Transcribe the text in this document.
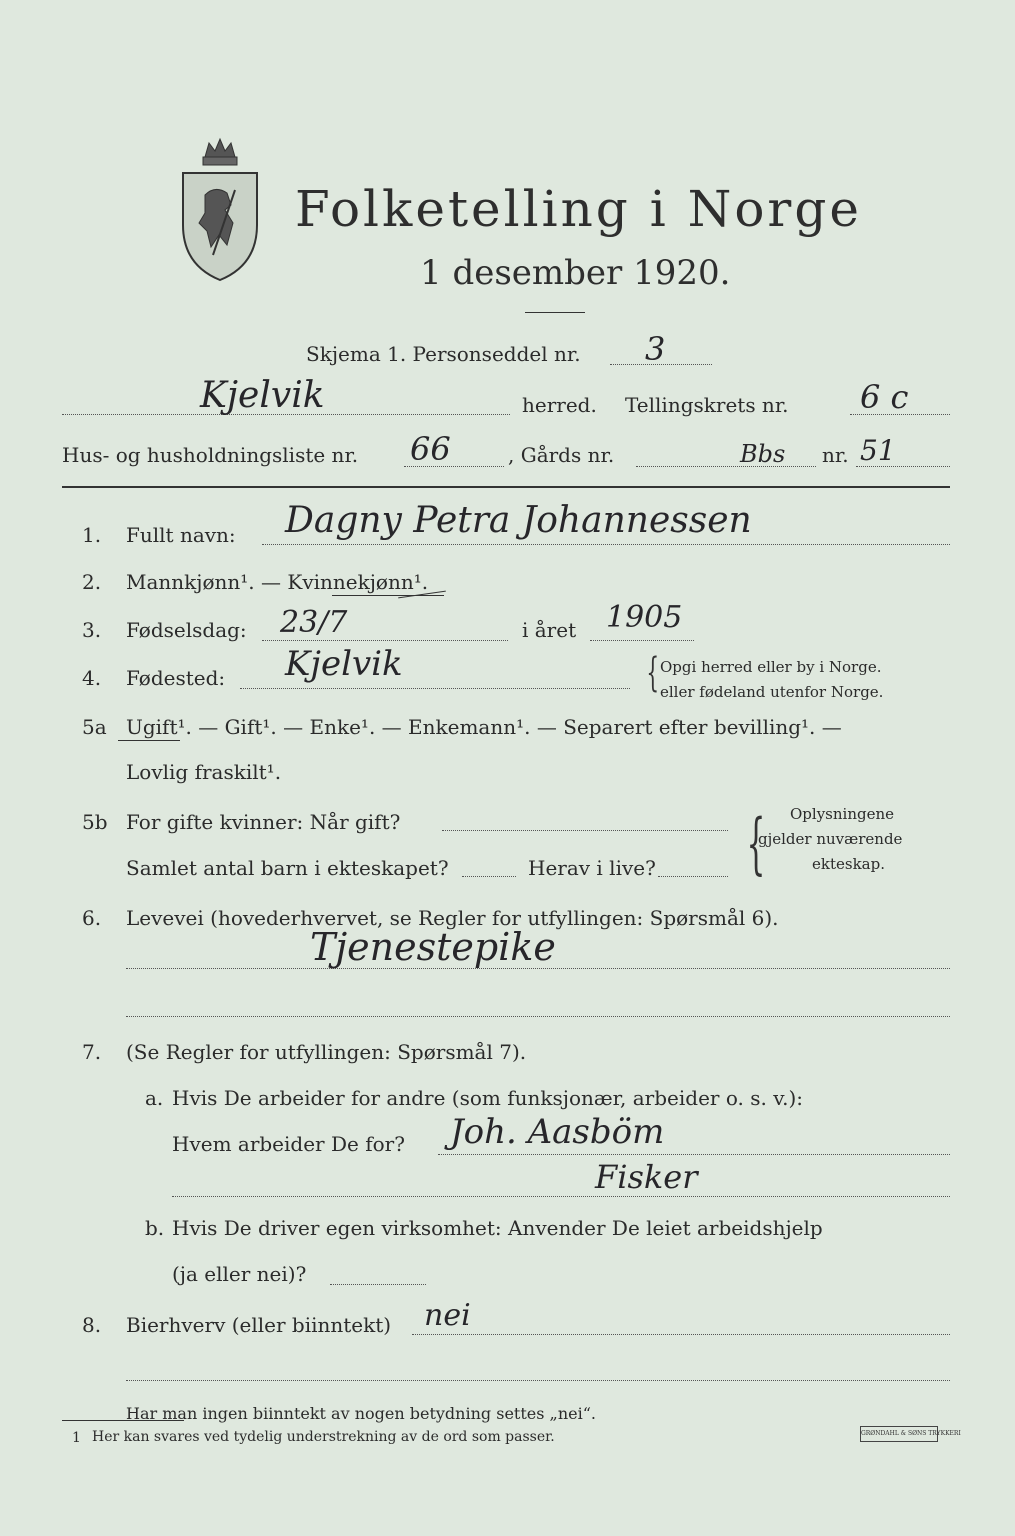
Folketelling i Norge
1 desember 1920.
Skjema 1. Personseddel nr. 3
Kjelvik	herred. Tellingskrets nr. 6 c
Hus- og husholdningsliste nr. 66	, Gårds nr.	Bbs nr. 51
1. Fullt navn: Dagny Petra Johannessen
2. Mannkjønn¹. — Kvinnekjønn¹.
3. Fødselsdag: 23/7	i året 1905
4. Fødested: Kjelvik	{ Opgi herred eller by i Norge.
eller fødeland utenfor Norge.
5a Ugift¹. — Gift¹. — Enke¹. — Enkemann¹. — Separert efter bevilling¹. —
Lovlig fraskilt¹.
5b For gifte kvinner: Når gift?
Samlet antal barn i ekteskapet?	Herav i live? { Oplysningene
gjelder nuværende
ekteskap.
6. Levevei (hovederhvervet, se Regler for utfyllingen: Spørsmål 6).
Tjenestepike
7. (Se Regler for utfyllingen: Spørsmål 7).
a. Hvis De arbeider for andre (som funksjonær, arbeider o. s. v.):
Hvem arbeider De for? Joh. Aasböm
Fisker
b. Hvis De driver egen virksomhet: Anvender De leiet arbeidshjelp
(ja eller nei)?
8. Bierhverv (eller biinntekt) nei
Har man ingen biinntekt av nogen betydning settes „nei“.
1 Her kan svares ved tydelig understrekning av de ord som passer.	GRØNDAHL & SØNS TRYKKERI
